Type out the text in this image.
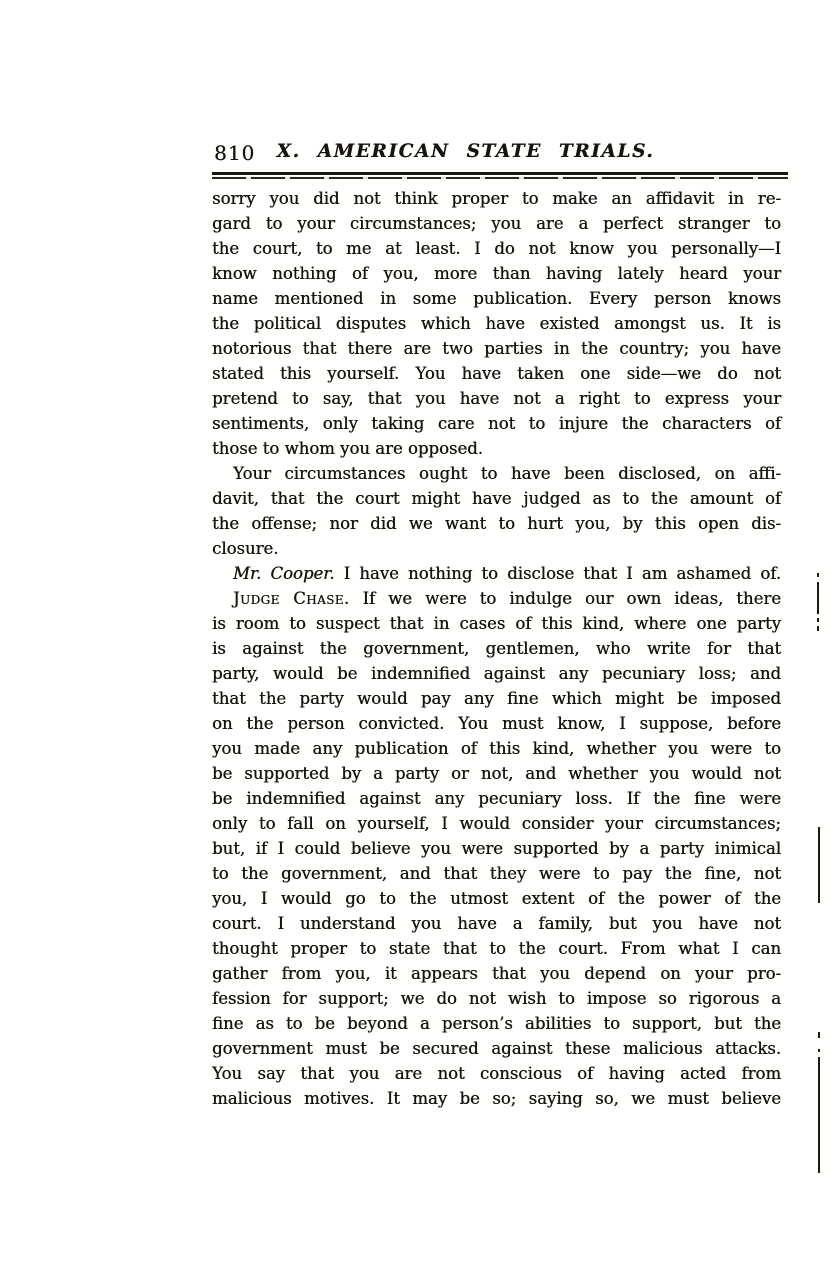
810	X. AMERICAN STATE TRIALS.
sorry you did not think proper to make an affidavit in re-
gard to your circumstances; you are a perfect stranger to
the court, to me at least. I do not know you personally—I
know nothing of you, more than having lately heard your
name mentioned in some publication. Every person knows
the political disputes which have existed amongst us. It is
notorious that there are two parties in the country; you have
stated this yourself. You have taken one side—we do not
pretend to say, that you have not a right to express your
sentiments, only taking care not to injure the characters of
those to whom you are opposed.
Your circumstances ought to have been disclosed, on affi-
davit, that the court might have judged as to the amount of
the offense; nor did we want to hurt you, by this open dis-
closure.
Mr. Cooper. I have nothing to disclose that I am ashamed of.
Judge Chase. If we were to indulge our own ideas, there
is room to suspect that in cases of this kind, where one party
is against the government, gentlemen, who write for that
party, would be indemnified against any pecuniary loss; and
that the party would pay any fine which might be imposed
on the person convicted. You must know, I suppose, before
you made any publication of this kind, whether you were to
be supported by a party or not, and whether you would not
be indemnified against any pecuniary loss. If the fine were
only to fall on yourself, I would consider your circumstances;
but, if I could believe you were supported by a party inimical
to the government, and that they were to pay the fine, not
you, I would go to the utmost extent of the power of the
court. I understand you have a family, but you have not
thought proper to state that to the court. From what I can
gather from you, it appears that you depend on your pro-
fession for support; we do not wish to impose so rigorous a
fine as to be beyond a person’s abilities to support, but the
government must be secured against these malicious attacks.
You say that you are not conscious of having acted from
malicious motives. It may be so; saying so, we must believe
